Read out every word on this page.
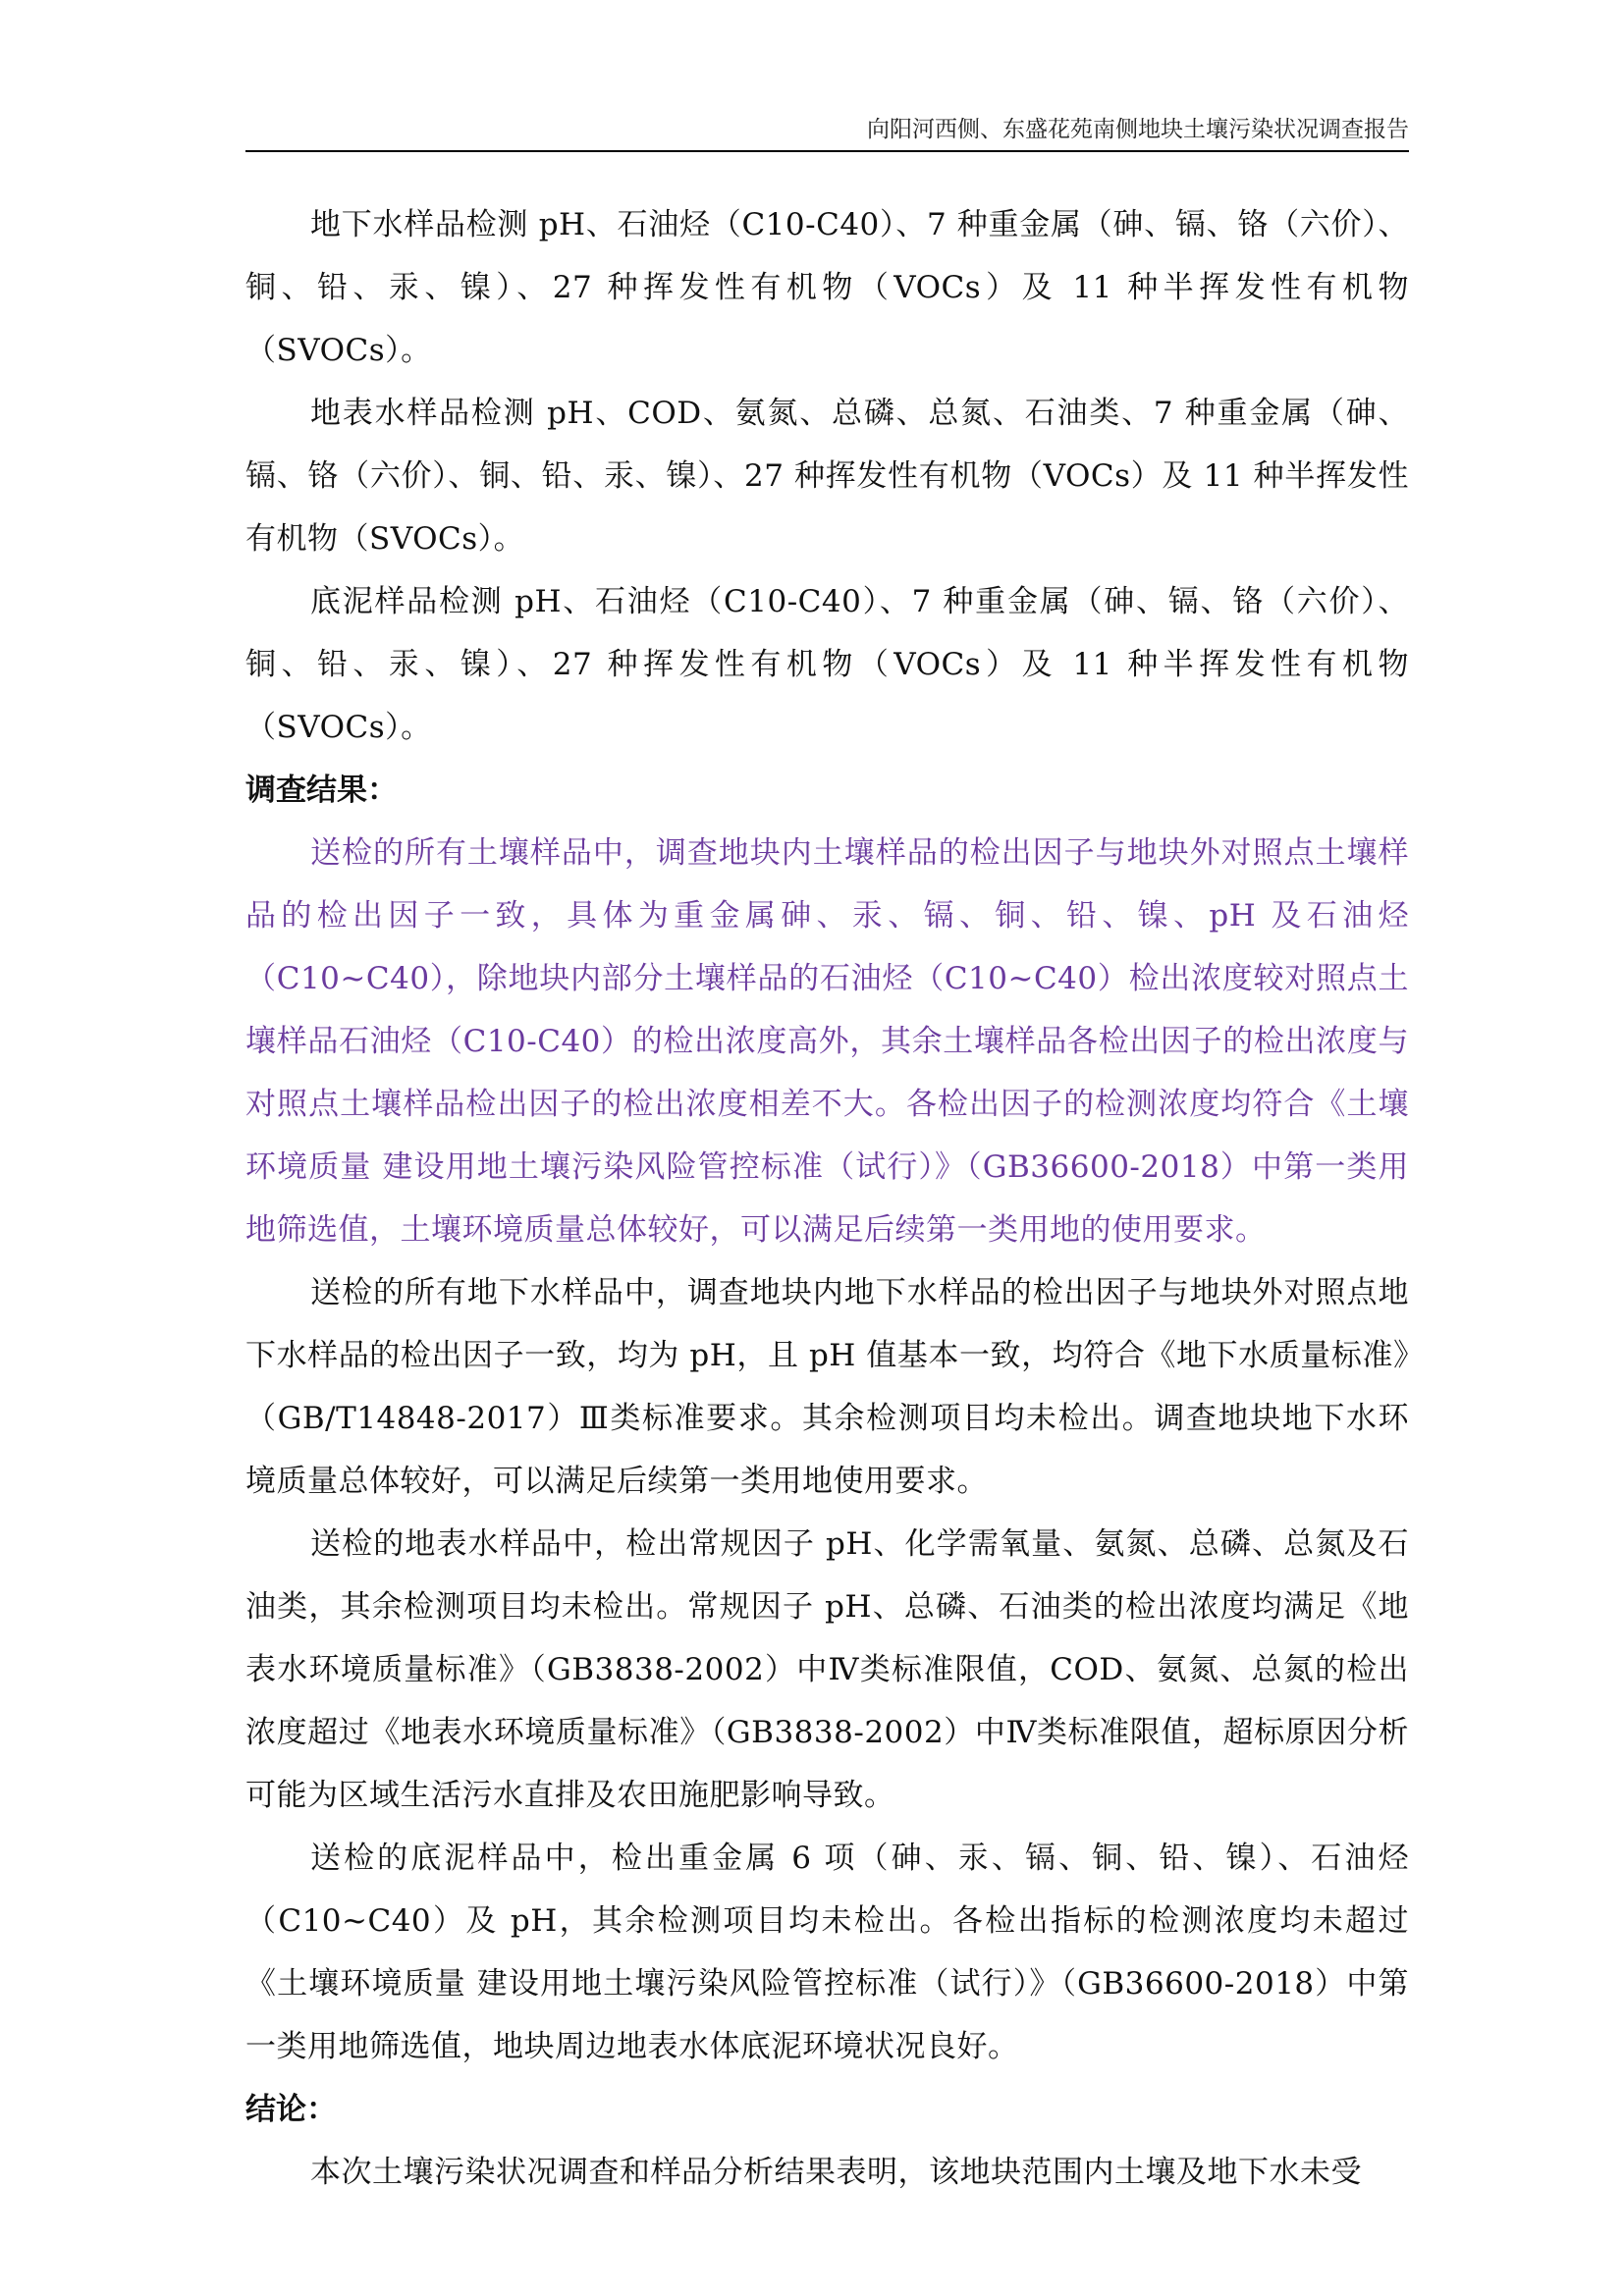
向阳河西侧、东盛花苑南侧地块土壤污染状况调查报告

地下水样品检测 pH、石油烃（C10-C40）、7 种重金属（砷、镉、铬（六价）、铜、铅、汞、镍）、27 种挥发性有机物（VOCs）及 11 种半挥发性有机物（SVOCs）。

地表水样品检测 pH、COD、氨氮、总磷、总氮、石油类、7 种重金属（砷、镉、铬（六价）、铜、铅、汞、镍）、27 种挥发性有机物（VOCs）及 11 种半挥发性有机物（SVOCs）。

底泥样品检测 pH、石油烃（C10-C40）、7 种重金属（砷、镉、铬（六价）、铜、铅、汞、镍）、27 种挥发性有机物（VOCs）及 11 种半挥发性有机物（SVOCs）。

调查结果：

送检的所有土壤样品中，调查地块内土壤样品的检出因子与地块外对照点土壤样品的检出因子一致，具体为重金属砷、汞、镉、铜、铅、镍、pH 及石油烃（C10~C40），除地块内部分土壤样品的石油烃（C10~C40）检出浓度较对照点土壤样品石油烃（C10-C40）的检出浓度高外，其余土壤样品各检出因子的检出浓度与对照点土壤样品检出因子的检出浓度相差不大。各检出因子的检测浓度均符合《土壤环境质量 建设用地土壤污染风险管控标准（试行）》（GB36600-2018）中第一类用地筛选值，土壤环境质量总体较好，可以满足后续第一类用地的使用要求。

送检的所有地下水样品中，调查地块内地下水样品的检出因子与地块外对照点地下水样品的检出因子一致，均为 pH，且 pH 值基本一致，均符合《地下水质量标准》（GB/T14848-2017）Ⅲ类标准要求。其余检测项目均未检出。调查地块地下水环境质量总体较好，可以满足后续第一类用地使用要求。

送检的地表水样品中，检出常规因子 pH、化学需氧量、氨氮、总磷、总氮及石油类，其余检测项目均未检出。常规因子 pH、总磷、石油类的检出浓度均满足《地表水环境质量标准》（GB3838-2002）中Ⅳ类标准限值，COD、氨氮、总氮的检出浓度超过《地表水环境质量标准》（GB3838-2002）中Ⅳ类标准限值，超标原因分析可能为区域生活污水直排及农田施肥影响导致。

送检的底泥样品中，检出重金属 6 项（砷、汞、镉、铜、铅、镍）、石油烃（C10~C40）及 pH，其余检测项目均未检出。各检出指标的检测浓度均未超过《土壤环境质量 建设用地土壤污染风险管控标准（试行）》（GB36600-2018）中第一类用地筛选值，地块周边地表水体底泥环境状况良好。

结论：

本次土壤污染状况调查和样品分析结果表明，该地块范围内土壤及地下水未受
